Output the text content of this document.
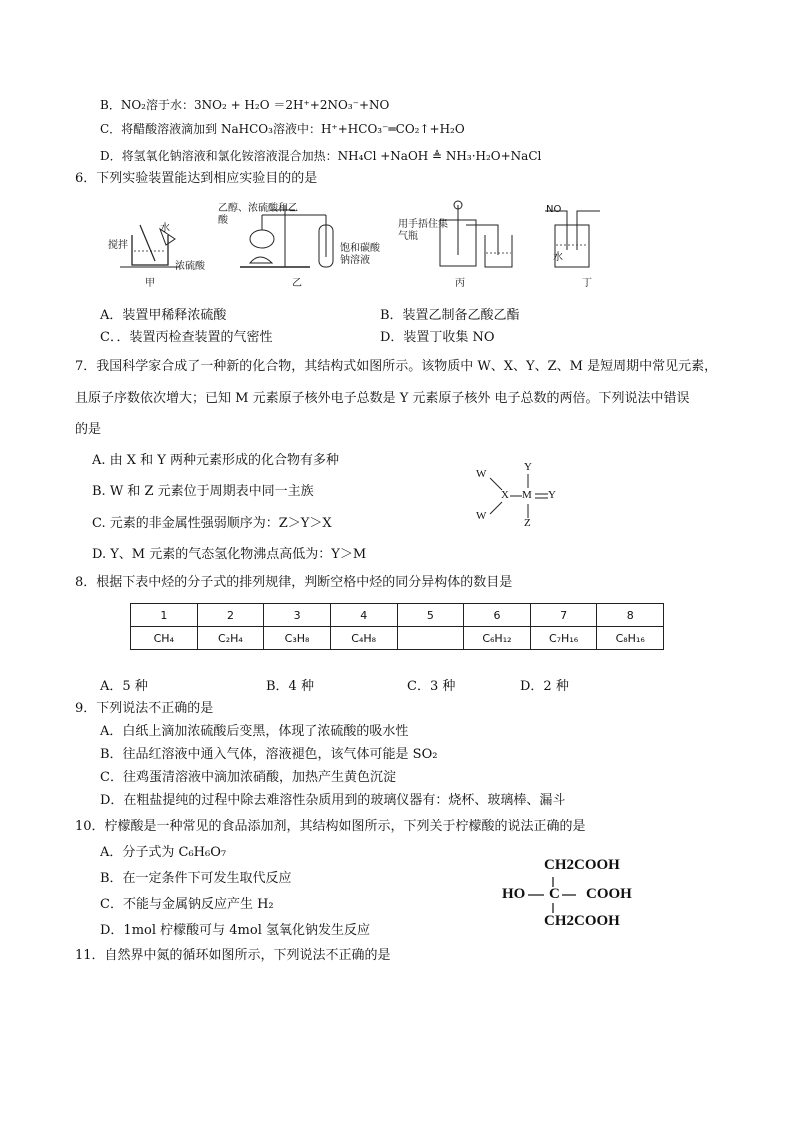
B．NO₂溶于水：3NO₂ + H₂O ＝2H⁺+2NO₃⁻+NO
C．将醋酸溶液滴加到 NaHCO₃溶液中：H⁺+HCO₃⁻═CO₂↑+H₂O
D．将氢氧化钠溶液和氯化铵溶液混合加热：NH₄Cl +NaOH ≜ NH₃·H₂O+NaCl
6．下列实验装置能达到相应实验目的的是
水
搅拌
浓硫酸
甲
乙醇、浓硫酸和乙酸
饱和碳酸钠溶液
乙
用手捂住集气瓶
丙
NO
水
丁
A．装置甲稀释浓硫酸	B．装置乙制备乙酸乙酯
C．．装置丙检查装置的气密性	D．装置丁收集 NO
7．我国科学家合成了一种新的化合物，其结构式如图所示。该物质中 W、X、Y、Z、M 是短周期中常见元素，
且原子序数依次增大；已知 M 元素原子核外电子总数是 Y 元素原子核外 电子总数的两倍。下列说法中错误
的是
A. 由 X 和 Y 两种元素形成的化合物有多种
B. W 和 Z 元素位于周期表中同一主族
C. 元素的非金属性强弱顺序为：Z＞Y＞X
D. Y、M 元素的气态氢化物沸点高低为：Y＞M
W
W
X M
Y
Y
Z
8．根据下表中烃的分子式的排列规律，判断空格中烃的同分异构体的数目是
1	2	3	4	5	6	7	8
CH₄	C₂H₄	C₃H₈	C₄H₈		C₆H₁₂	C₇H₁₆	C₈H₁₆
A．5 种	B．4 种	C．3 种	D．2 种
9．下列说法不正确的是
A．白纸上滴加浓硫酸后变黑，体现了浓硫酸的吸水性
B．往品红溶液中通入气体，溶液褪色，该气体可能是 SO₂
C．往鸡蛋清溶液中滴加浓硝酸，加热产生黄色沉淀
D．在粗盐提纯的过程中除去难溶性杂质用到的玻璃仪器有：烧杯、玻璃棒、漏斗
10．柠檬酸是一种常见的食品添加剂，其结构如图所示，下列关于柠檬酸的说法正确的是
A．分子式为 C₆H₆O₇
B．在一定条件下可发生取代反应
C．不能与金属钠反应产生 H₂
D．1mol 柠檬酸可与 4mol 氢氧化钠发生反应
CH2COOH
HO C COOH
CH2COOH
11．自然界中氮的循环如图所示，下列说法不正确的是
